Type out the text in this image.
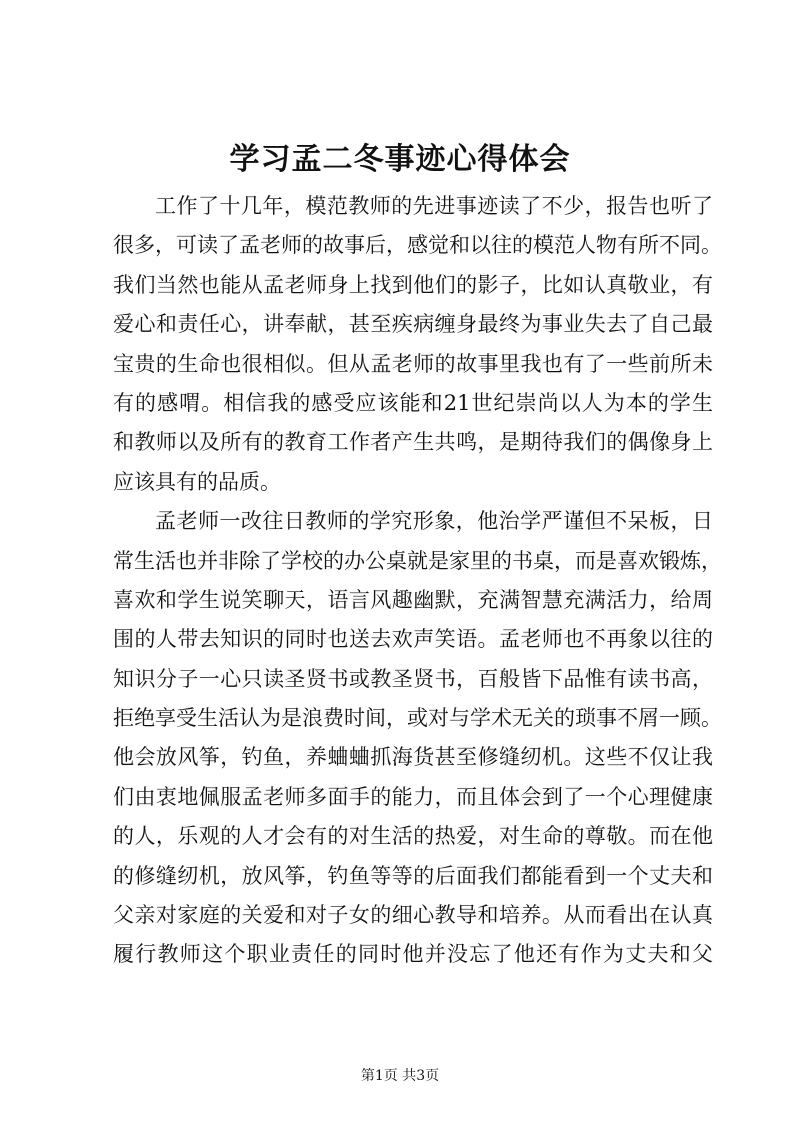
学习孟二冬事迹心得体会
工作了十几年，模范教师的先进事迹读了不少，报告也听了
很多，可读了孟老师的故事后，感觉和以往的模范人物有所不同。
我们当然也能从孟老师身上找到他们的影子，比如认真敬业，有
爱心和责任心，讲奉献，甚至疾病缠身最终为事业失去了自己最
宝贵的生命也很相似。但从孟老师的故事里我也有了一些前所未
有的感喟。相信我的感受应该能和21世纪崇尚以人为本的学生
和教师以及所有的教育工作者产生共鸣，是期待我们的偶像身上
应该具有的品质。
孟老师一改往日教师的学究形象，他治学严谨但不呆板，日
常生活也并非除了学校的办公桌就是家里的书桌，而是喜欢锻炼，
喜欢和学生说笑聊天，语言风趣幽默，充满智慧充满活力，给周
围的人带去知识的同时也送去欢声笑语。孟老师也不再象以往的
知识分子一心只读圣贤书或教圣贤书，百般皆下品惟有读书高，
拒绝享受生活认为是浪费时间，或对与学术无关的琐事不屑一顾。
他会放风筝，钓鱼，养蛐蛐抓海货甚至修缝纫机。这些不仅让我
们由衷地佩服孟老师多面手的能力，而且体会到了一个心理健康
的人，乐观的人才会有的对生活的热爱，对生命的尊敬。而在他
的修缝纫机，放风筝，钓鱼等等的后面我们都能看到一个丈夫和
父亲对家庭的关爱和对子女的细心教导和培养。从而看出在认真
履行教师这个职业责任的同时他并没忘了他还有作为丈夫和父
第1页 共3页
